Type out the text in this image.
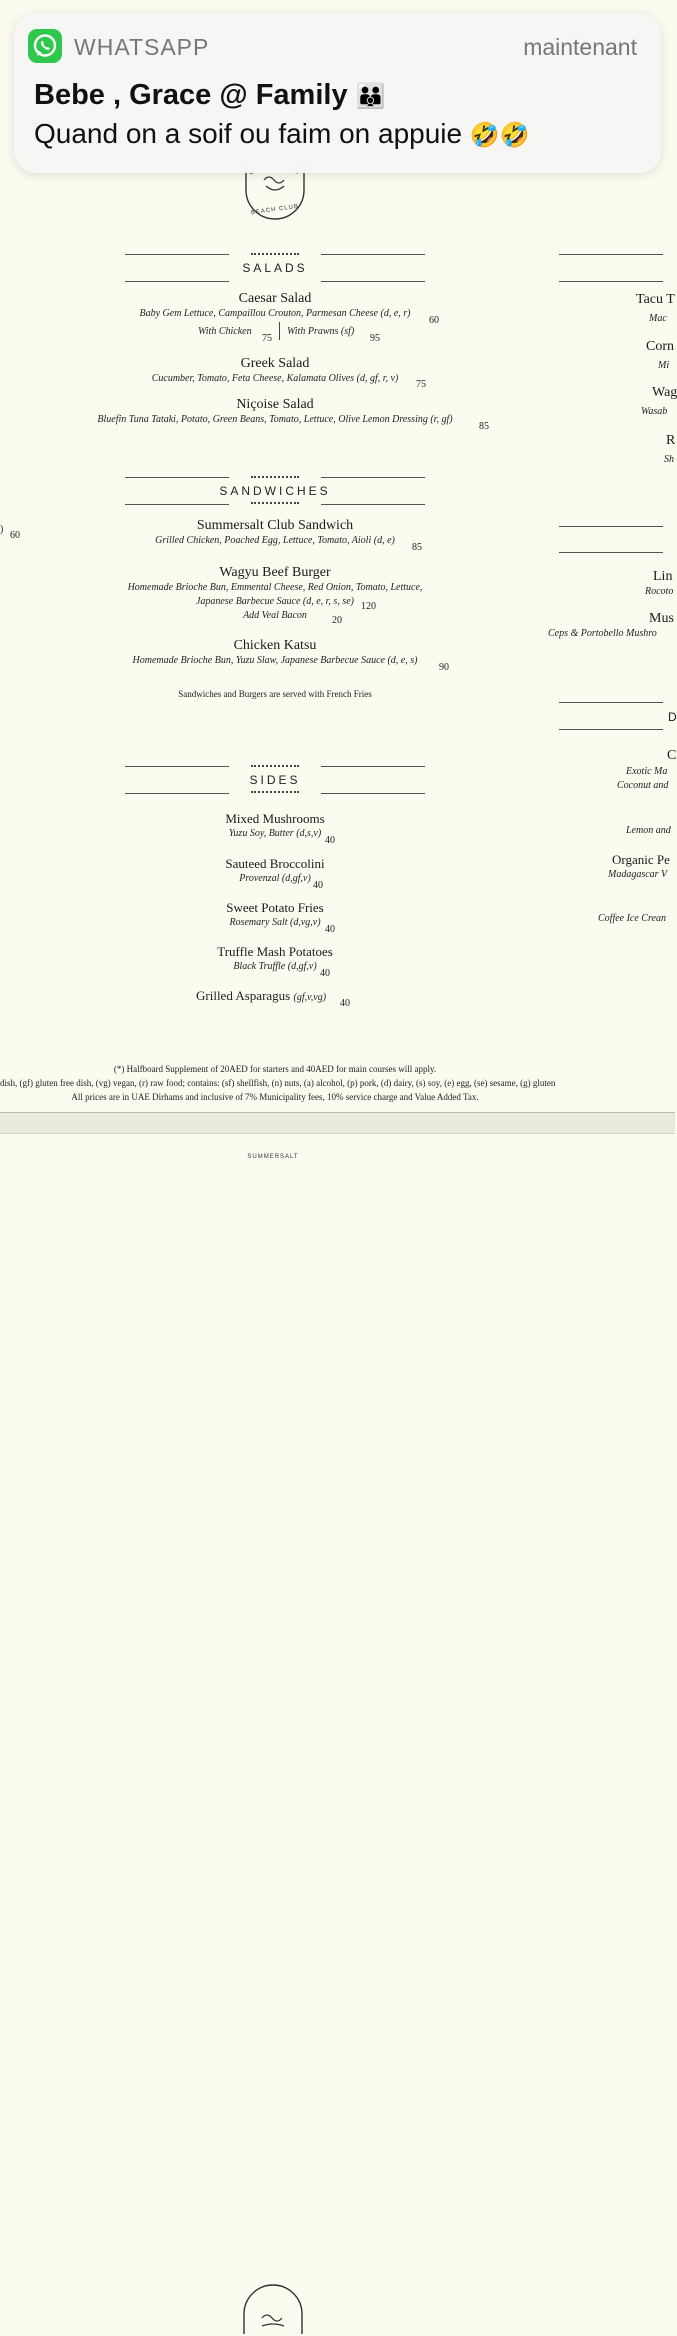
BEACH CLUB
SALADS
Caesar Salad
Baby Gem Lettuce, Campaillou Crouton, Parmesan Cheese (d, e, r)
60
With Chicken
75
With Prawns (sf)
95
Greek Salad
Cucumber, Tomato, Feta Cheese, Kalamata Olives (d, gf, r, v)
75
Niçoise Salad
Bluefin Tuna Tataki, Potato, Green Beans, Tomato, Lettuce, Olive Lemon Dressing (r, gf)
85
SANDWICHES
)
60
Summersalt Club Sandwich
Grilled Chicken, Poached Egg, Lettuce, Tomato, Aioli (d, e)
85
Wagyu Beef Burger
Homemade Brioche Bun, Emmental Cheese, Red Onion, Tomato, Lettuce,
Japanese Barbecue Sauce (d, e, r, s, se)
Add Veal Bacon
120
20
Chicken Katsu
Homemade Brioche Bun, Yuzu Slaw, Japanese Barbecue Sauce (d, e, s)
90
Sandwiches and Burgers are served with French Fries
SIDES
Mixed Mushrooms
Yuzu Soy, Butter (d,s,v)
40
Sauteed Broccolini
Provenzal (d,gf,v)
40
Sweet Potato Fries
Rosemary Salt (d,vg,v)
40
Truffle Mash Potatoes
Black Truffle (d,gf,v)
40
Grilled Asparagus (gf,v,vg)
40
(*) Halfboard Supplement of 20AED for starters and 40AED for main courses will apply.
dish, (gf) gluten free dish, (vg) vegan, (r) raw food; contains: (sf) shellfish, (n) nuts, (a) alcohol, (p) pork, (d) dairy, (s) soy, (e) egg, (se) sesame, (g) gluten
All prices are in UAE Dirhams and inclusive of 7% Municipality fees, 10% service charge and Value Added Tax.
Tacu T
Mac
Corn
Mi
Wag
Wasab
R
Sh
Lin
Rocoto
Mus
Ceps & Portobello Mushro
D
C
Exotic Ma
Coconut and
Lemon and
Organic Pe
Madagascar V
Coffee Ice Crean
SUMMERSALT
WHATSAPP	maintenant
Bebe , Grace @ Family 👪
Quand on a soif ou faim on appuie 🤣🤣
